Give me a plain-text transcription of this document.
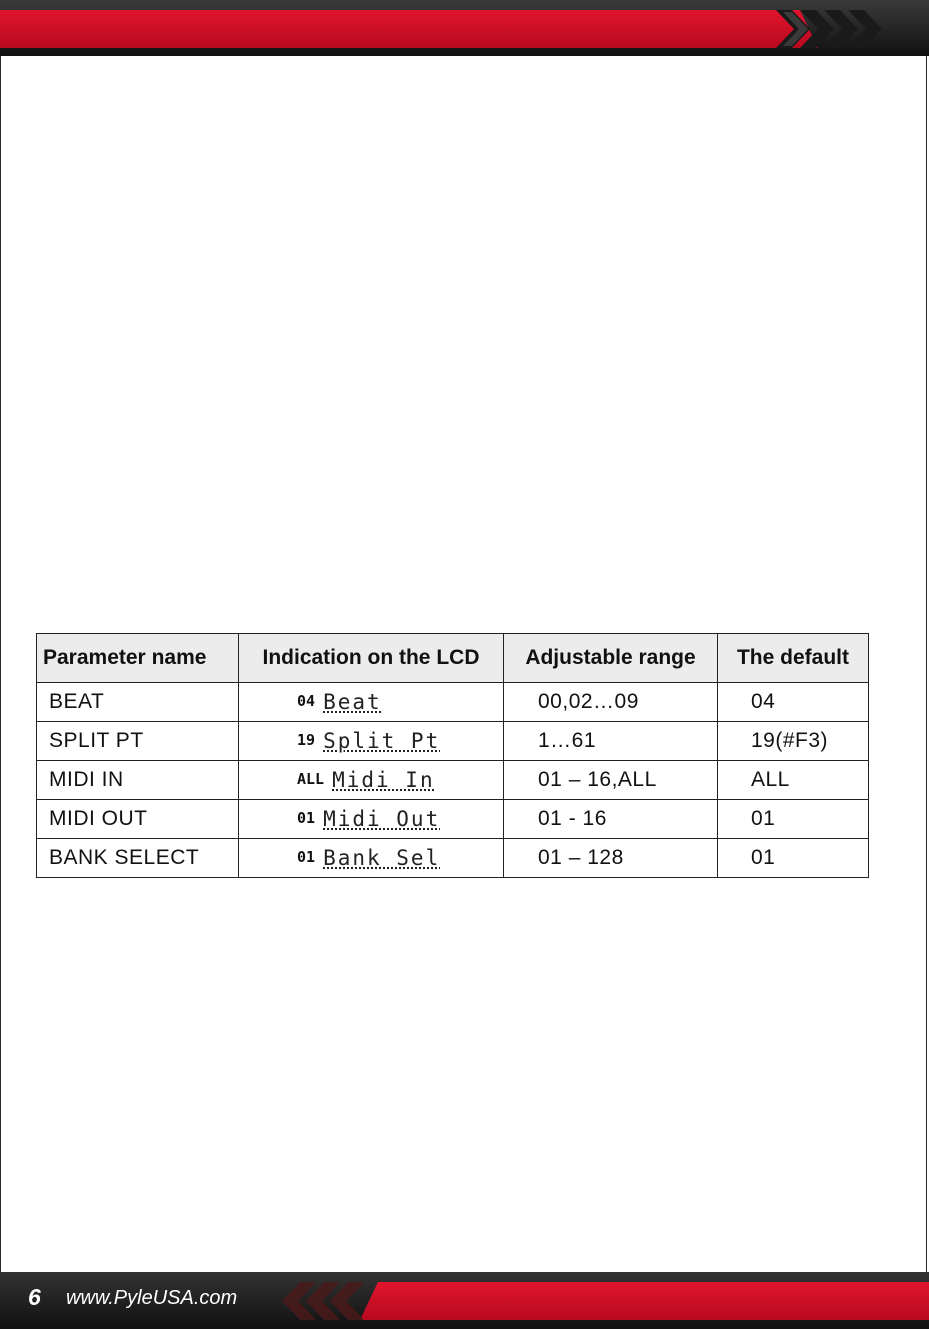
6 www.PyleUSA.com
Parameter name	Indication on the LCD	Adjustable range	The default
BEAT	04 Beat	00,02…09	04
SPLIT PT	19 Split Pt	1…61	19(#F3)
MIDI IN	ALL Midi In	01 – 16,ALL	ALL
MIDI OUT	01 Midi Out	01 - 16	01
BANK SELECT	01 Bank Sel	01 – 128	01
